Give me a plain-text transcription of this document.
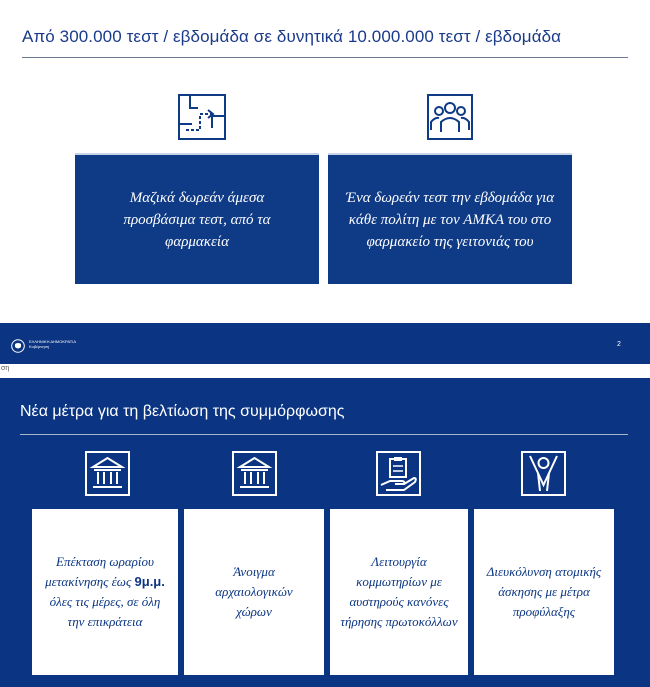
Από 300.000 τεστ / εβδομάδα σε δυνητικά 10.000.000 τεστ / εβδομάδα
Μαζικά δωρεάν άμεσα προσβάσιμα τεστ, από τα φαρμακεία
Ένα δωρεάν τεστ την εβδομάδα για κάθε πολίτη με τον ΑΜΚΑ του στο φαρμακείο της γειτονιάς του
ΕΛΛΗΝΙΚΗ ΔΗΜΟΚΡΑΤΙΑ
Κυβέρνηση	2
ση
Νέα μέτρα για τη βελτίωση της συμμόρφωσης
Επέκταση ωραρίου μετακίνησης έως 9μ.μ. όλες τις μέρες, σε όλη την επικράτεια
Άνοιγμα αρχαιολογικών χώρων
Λειτουργία κομμωτηρίων με αυστηρούς κανόνες τήρησης πρωτοκόλλων
Διευκόλυνση ατομικής άσκησης με μέτρα προφύλαξης
